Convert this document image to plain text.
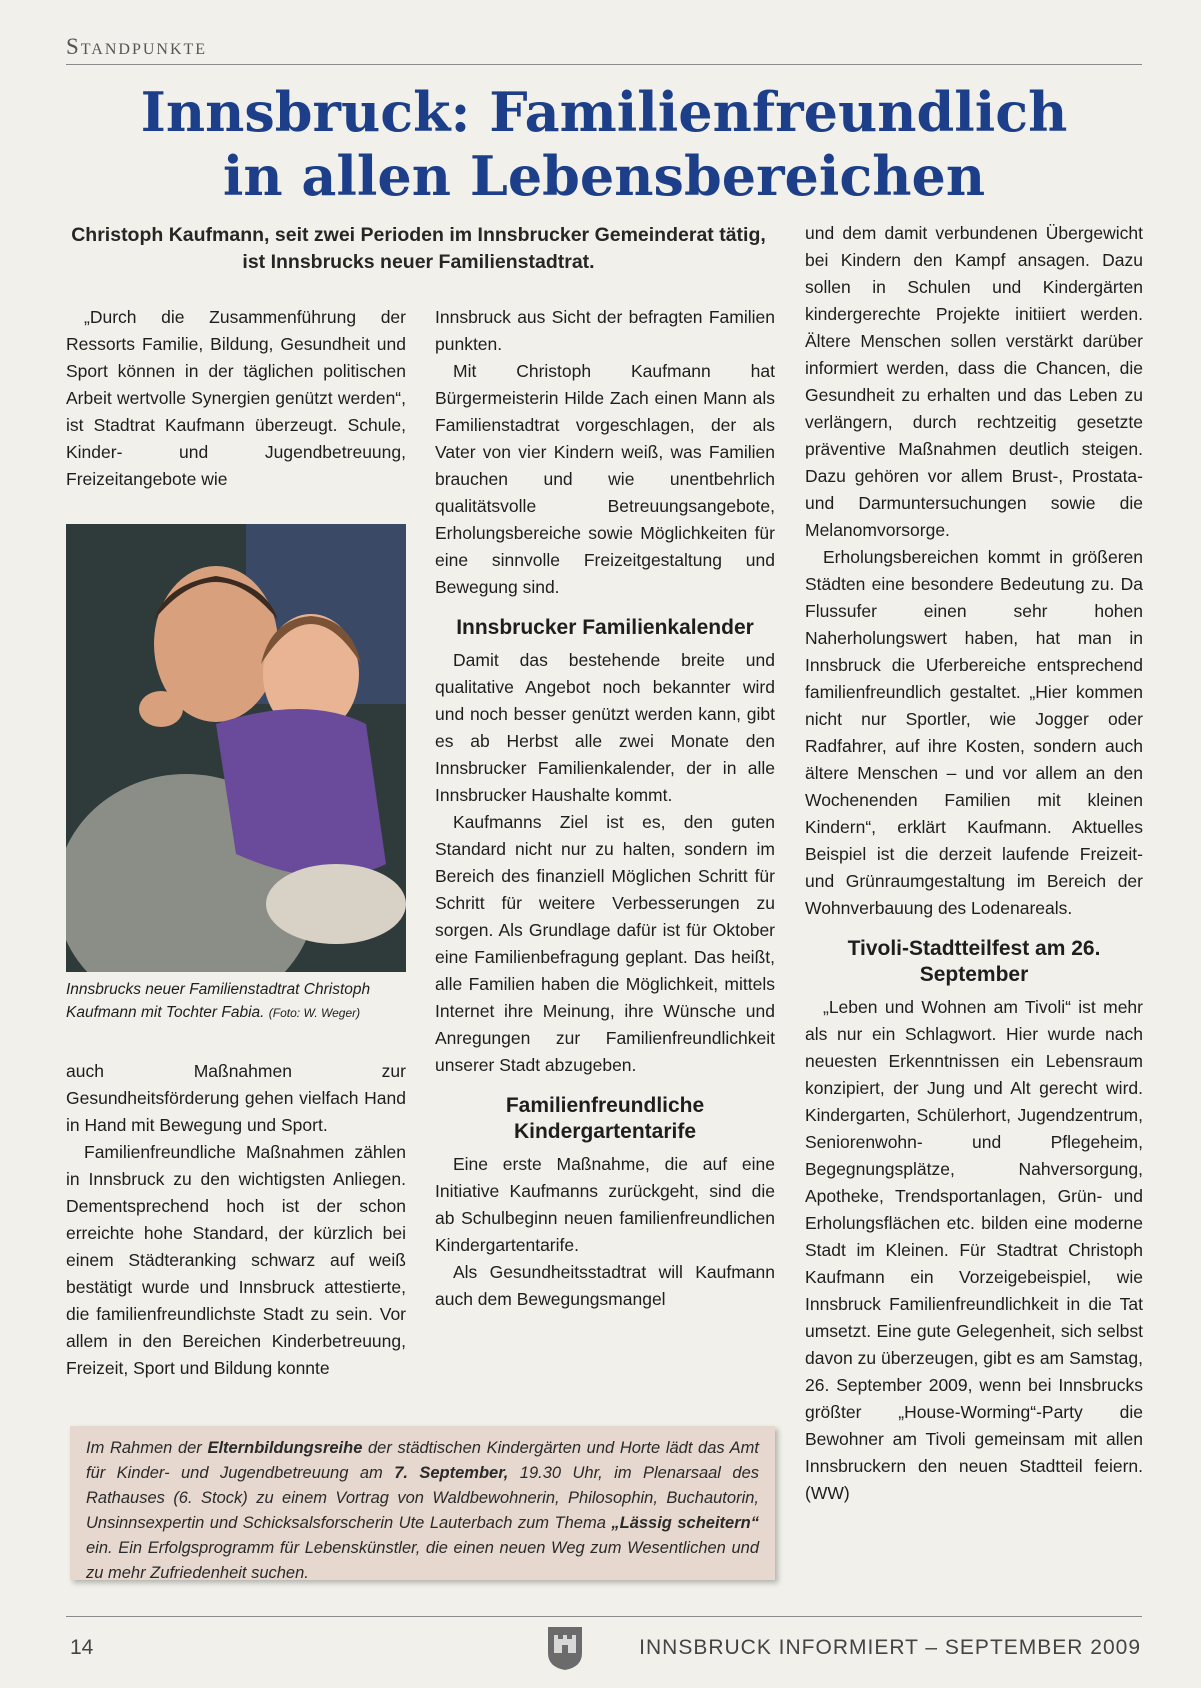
Standpunkte
Innsbruck: Familienfreundlich
in allen Lebensbereichen
Christoph Kaufmann, seit zwei Perioden im Innsbrucker Gemeinderat tätig, ist Innsbrucks neuer Familienstadtrat.

„Durch die Zusammenführung der Ressorts Familie, Bildung, Gesundheit und Sport können in der täglichen politischen Arbeit wertvolle Synergien genützt werden“, ist Stadtrat Kaufmann überzeugt. Schule, Kinder- und Jugendbetreuung, Freizeitangebote wie

Innsbrucks neuer Familienstadtrat Christoph Kaufmann mit Tochter Fabia. (Foto: W. Weger)

auch Maßnahmen zur Gesundheitsförderung gehen vielfach Hand in Hand mit Bewegung und Sport.

Familienfreundliche Maßnahmen zählen in Innsbruck zu den wichtigsten Anliegen. Dementsprechend hoch ist der schon erreichte hohe Standard, der kürzlich bei einem Städteranking schwarz auf weiß bestätigt wurde und Innsbruck attestierte, die familienfreundlichste Stadt zu sein. Vor allem in den Bereichen Kinderbetreuung, Freizeit, Sport und Bildung konnte

Innsbruck aus Sicht der befragten Familien punkten.

Mit Christoph Kaufmann hat Bürgermeisterin Hilde Zach einen Mann als Familienstadtrat vorgeschlagen, der als Vater von vier Kindern weiß, was Familien brauchen und wie unentbehrlich qualitätsvolle Betreuungsangebote, Erholungsbereiche sowie Möglichkeiten für eine sinnvolle Freizeitgestaltung und Bewegung sind.

Innsbrucker Familienkalender

Damit das bestehende breite und qualitative Angebot noch bekannter wird und noch besser genützt werden kann, gibt es ab Herbst alle zwei Monate den Innsbrucker Familienkalender, der in alle Innsbrucker Haushalte kommt.

Kaufmanns Ziel ist es, den guten Standard nicht nur zu halten, sondern im Bereich des finanziell Möglichen Schritt für Schritt für weitere Verbesserungen zu sorgen. Als Grundlage dafür ist für Oktober eine Familienbefragung geplant. Das heißt, alle Familien haben die Möglichkeit, mittels Internet ihre Meinung, ihre Wünsche und Anregungen zur Familienfreundlichkeit unserer Stadt abzugeben.

Familienfreundliche Kindergartentarife

Eine erste Maßnahme, die auf eine Initiative Kaufmanns zurückgeht, sind die ab Schulbeginn neuen familienfreundlichen Kindergartentarife.

Als Gesundheitsstadtrat will Kaufmann auch dem Bewegungsmangel

und dem damit verbundenen Übergewicht bei Kindern den Kampf ansagen. Dazu sollen in Schulen und Kindergärten kindergerechte Projekte initiiert werden. Ältere Menschen sollen verstärkt darüber informiert werden, dass die Chancen, die Gesundheit zu erhalten und das Leben zu verlängern, durch rechtzeitig gesetzte präventive Maßnahmen deutlich steigen. Dazu gehören vor allem Brust-, Prostata- und Darmuntersuchungen sowie die Melanomvorsorge.

Erholungsbereichen kommt in größeren Städten eine besondere Bedeutung zu. Da Flussufer einen sehr hohen Naherholungswert haben, hat man in Innsbruck die Uferbereiche entsprechend familienfreundlich gestaltet. „Hier kommen nicht nur Sportler, wie Jogger oder Radfahrer, auf ihre Kosten, sondern auch ältere Menschen – und vor allem an den Wochenenden Familien mit kleinen Kindern“, erklärt Kaufmann. Aktuelles Beispiel ist die derzeit laufende Freizeit- und Grünraumgestaltung im Bereich der Wohnverbauung des Lodenareals.

Tivoli-Stadtteilfest am 26. September

„Leben und Wohnen am Tivoli“ ist mehr als nur ein Schlagwort. Hier wurde nach neuesten Erkenntnissen ein Lebensraum konzipiert, der Jung und Alt gerecht wird. Kindergarten, Schülerhort, Jugendzentrum, Seniorenwohn- und Pflegeheim, Begegnungsplätze, Nahversorgung, Apotheke, Trendsportanlagen, Grün- und Erholungsflächen etc. bilden eine moderne Stadt im Kleinen. Für Stadtrat Christoph Kaufmann ein Vorzeigebeispiel, wie Innsbruck Familienfreundlichkeit in die Tat umsetzt. Eine gute Gelegenheit, sich selbst davon zu überzeugen, gibt es am Samstag, 26. September 2009, wenn bei Innsbrucks größter „House-Worming“-Party die Bewohner am Tivoli gemeinsam mit allen Innsbruckern den neuen Stadtteil feiern. (WW)

Im Rahmen der Elternbildungsreihe der städtischen Kindergärten und Horte lädt das Amt für Kinder- und Jugendbetreuung am 7. September, 19.30 Uhr, im Plenarsaal des Rathauses (6. Stock) zu einem Vortrag von Waldbewohnerin, Philosophin, Buchautorin, Unsinnsexpertin und Schicksalsforscherin Ute Lauterbach zum Thema „Lässig scheitern“ ein. Ein Erfolgsprogramm für Lebenskünstler, die einen neuen Weg zum Wesentlichen und zu mehr Zufriedenheit suchen.
14	INNSBRUCK INFORMIERT – SEPTEMBER 2009
